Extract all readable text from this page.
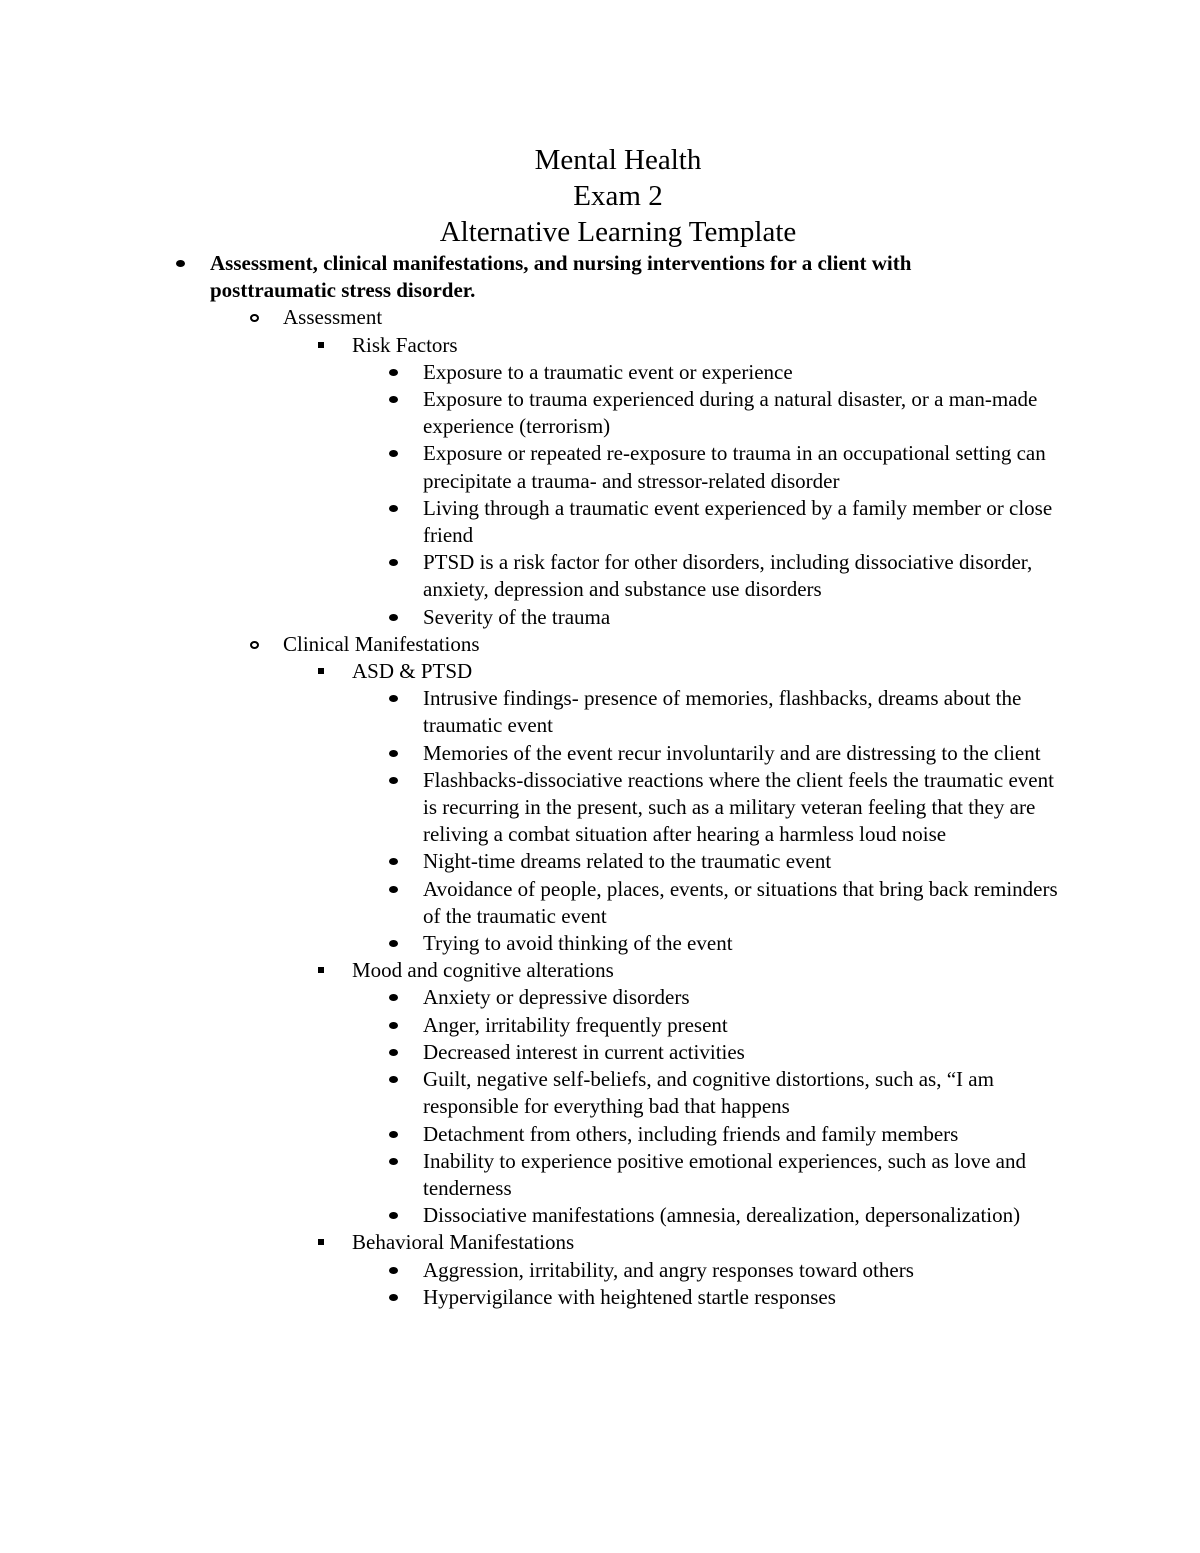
Mental Health
Exam 2
Alternative Learning Template
Assessment, clinical manifestations, and nursing interventions for a client with posttraumatic stress disorder.
Assessment
Risk Factors
Exposure to a traumatic event or experience
Exposure to trauma experienced during a natural disaster, or a man-made experience (terrorism)
Exposure or repeated re-exposure to trauma in an occupational setting can precipitate a trauma- and stressor-related disorder
Living through a traumatic event experienced by a family member or close friend
PTSD is a risk factor for other disorders, including dissociative disorder, anxiety, depression and substance use disorders
Severity of the trauma
Clinical Manifestations
ASD & PTSD
Intrusive findings- presence of memories, flashbacks, dreams about the traumatic event
Memories of the event recur involuntarily and are distressing to the client
Flashbacks-dissociative reactions where the client feels the traumatic event is recurring in the present, such as a military veteran feeling that they are reliving a combat situation after hearing a harmless loud noise
Night-time dreams related to the traumatic event
Avoidance of people, places, events, or situations that bring back reminders of the traumatic event
Trying to avoid thinking of the event
Mood and cognitive alterations
Anxiety or depressive disorders
Anger, irritability frequently present
Decreased interest in current activities
Guilt, negative self-beliefs, and cognitive distortions, such as, “I am responsible for everything bad that happens
Detachment from others, including friends and family members
Inability to experience positive emotional experiences, such as love and tenderness
Dissociative manifestations (amnesia, derealization, depersonalization)
Behavioral Manifestations
Aggression, irritability, and angry responses toward others
Hypervigilance with heightened startle responses
